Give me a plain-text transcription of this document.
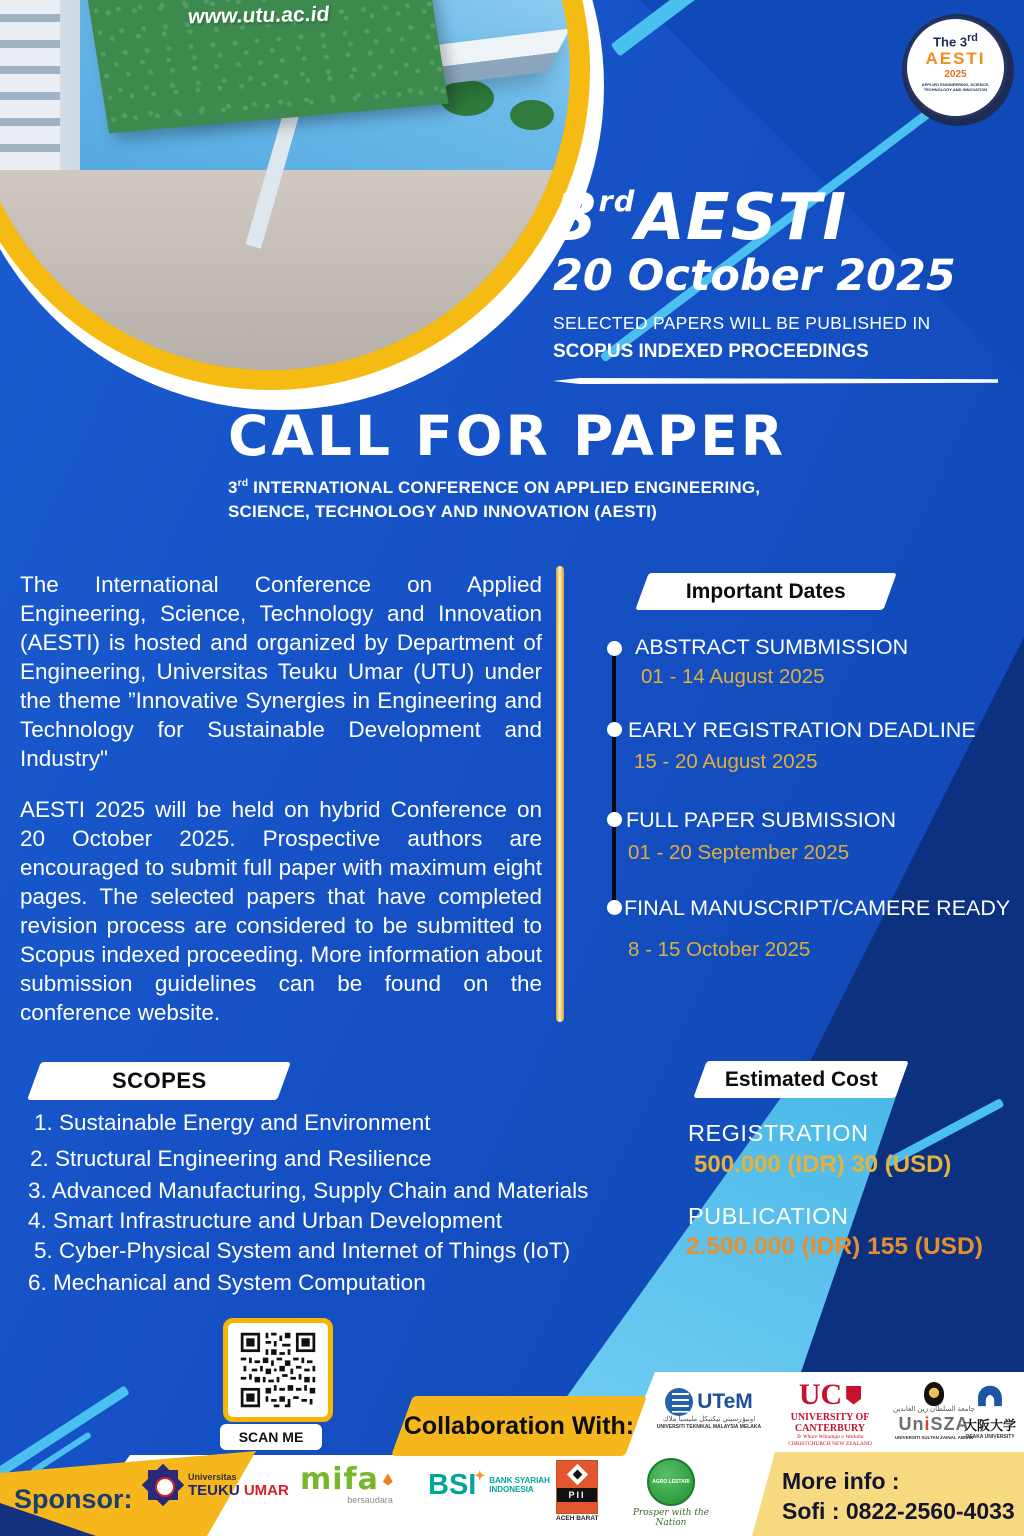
www.utu.ac.id
The 3rd
AESTI
2025
APPLIED ENGINEERING, SCIENCE,
TECHNOLOGY AND INNOVATION
3rdAESTI
20 October 2025
SELECTED PAPERS WILL BE PUBLISHED IN
SCOPUS INDEXED PROCEEDINGS
CALL FOR PAPER
3rd INTERNATIONAL CONFERENCE ON APPLIED ENGINEERING,
SCIENCE, TECHNOLOGY AND INNOVATION (AESTI)

The International Conference on Applied Engineering, Science, Technology and Innovation (AESTI) is hosted and organized by Department of Engineering, Universitas Teuku Umar (UTU) under the theme ”Innovative Synergies in Engineering and Technology for Sustainable Development and Industry"

AESTI 2025 will be held on hybrid Conference on 20 October 2025. Prospective authors are encouraged to submit full paper with maximum eight pages. The selected papers that have completed revision process are considered to be submitted to Scopus indexed proceeding. More information about submission guidelines can be found on the conference website.

Important Dates
ABSTRACT SUMBMISSION
01 - 14 August 2025
EARLY REGISTRATION DEADLINE
15 - 20 August 2025
FULL PAPER SUBMISSION
01 - 20 September 2025
FINAL MANUSCRIPT/CAMERE READY
8 - 15 October 2025
SCOPES
1. Sustainable Energy and Environment
2. Structural Engineering and Resilience
3. Advanced Manufacturing, Supply Chain and Materials
4. Smart Infrastructure and Urban Development
5. Cyber-Physical System and Internet of Things (IoT)
6. Mechanical and System Computation
Estimated Cost
REGISTRATION
500.000 (IDR) 30 (USD)
PUBLICATION
2.500.000 (IDR) 155 (USD)
SCAN ME	Collaboration With:
UTeM
اونيۏرسيتي تيكنيكل مليسيا ملاك
UNIVERSITI TEKNIKAL MALAYSIA MELAKA
UC
UNIVERSITY OF
CANTERBURY
Te Whare Wānanga o Waitaha
CHRISTCHURCH NEW ZEALAND
جامعة السلطان زين العابدين
UniSZA
UNIVERSITI SULTAN ZAINAL ABIDIN
大阪大学
OSAKA UNIVERSITY
More info :
Sofi : 0822-2560-4033
Sponsor:
Universitas
TEUKU UMAR mifa
bersaudara BSI✦ BANK SYARIAH
INDONESIA
PII
ACEH BARAT
AGRO LESTARI
Prosper with the Nation
